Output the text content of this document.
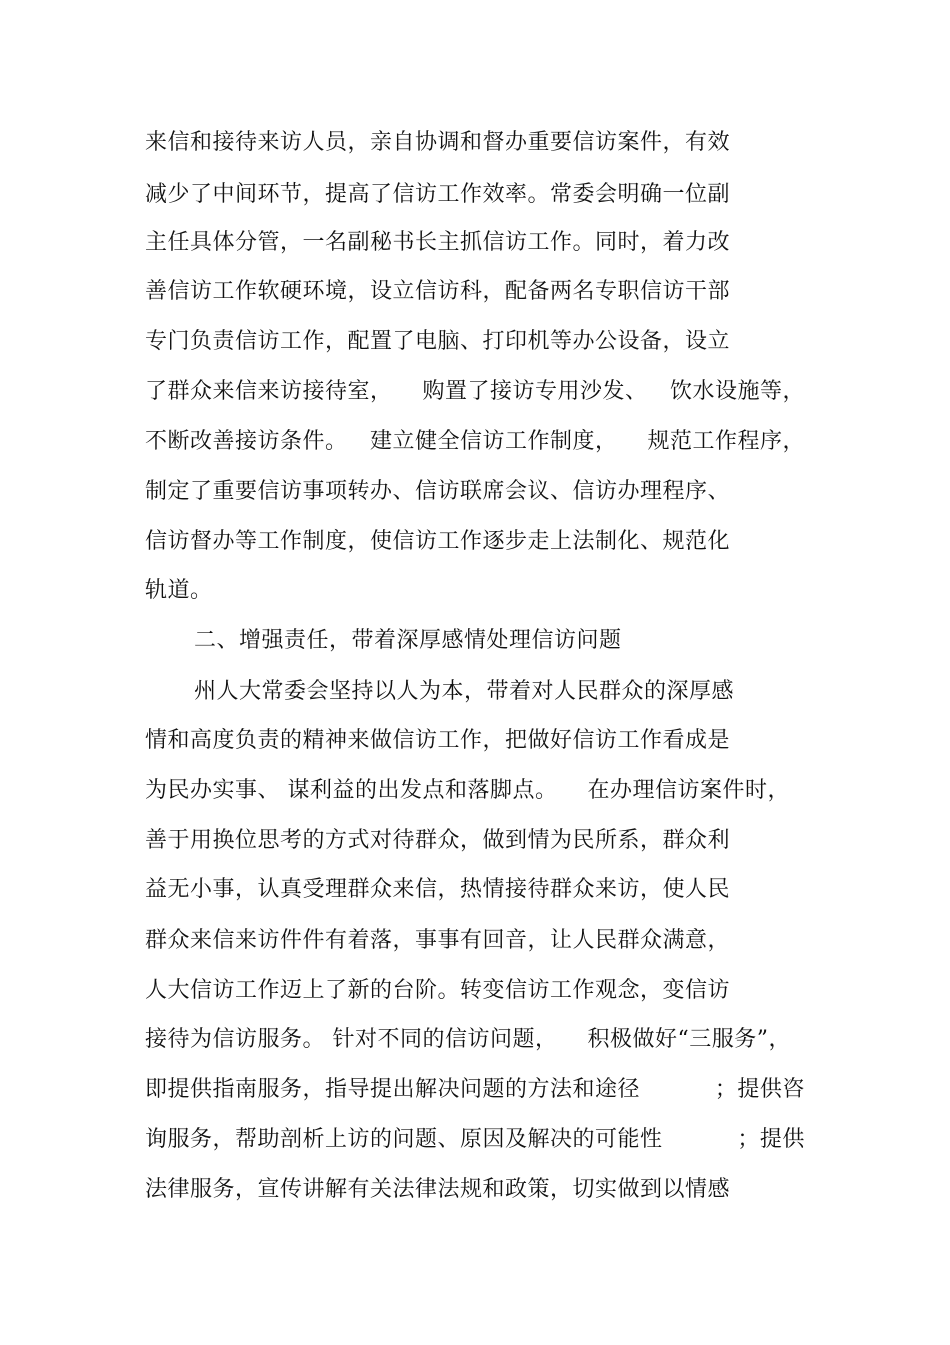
来信和接待来访人员，亲自协调和督办重要信访案件，有效
减少了中间环节，提高了信访工作效率。常委会明确一位副
主任具体分管，一名副秘书长主抓信访工作。同时，着力改
善信访工作软硬环境，设立信访科，配备两名专职信访干部
专门负责信访工作，配置了电脑、打印机等办公设备，设立
了群众来信来访接待室，    购置了接访专用沙发、   饮水设施等，
不断改善接访条件。   建立健全信访工作制度，    规范工作程序，
制定了重要信访事项转办、信访联席会议、信访办理程序、
信访督办等工作制度，使信访工作逐步走上法制化、规范化
轨道。
二、增强责任，带着深厚感情处理信访问题
州人大常委会坚持以人为本，带着对人民群众的深厚感
情和高度负责的精神来做信访工作，把做好信访工作看成是
为民办实事、 谋利益的出发点和落脚点。    在办理信访案件时，
善于用换位思考的方式对待群众，做到情为民所系，群众利
益无小事，认真受理群众来信，热情接待群众来访，使人民
群众来信来访件件有着落，事事有回音，让人民群众满意，
人大信访工作迈上了新的台阶。转变信访工作观念，变信访
接待为信访服务。 针对不同的信访问题，    积极做好“三服务”，
即提供指南服务，指导提出解决问题的方法和途径          ；提供咨
询服务，帮助剖析上访的问题、原因及解决的可能性          ；提供
法律服务，宣传讲解有关法律法规和政策，切实做到以情感
